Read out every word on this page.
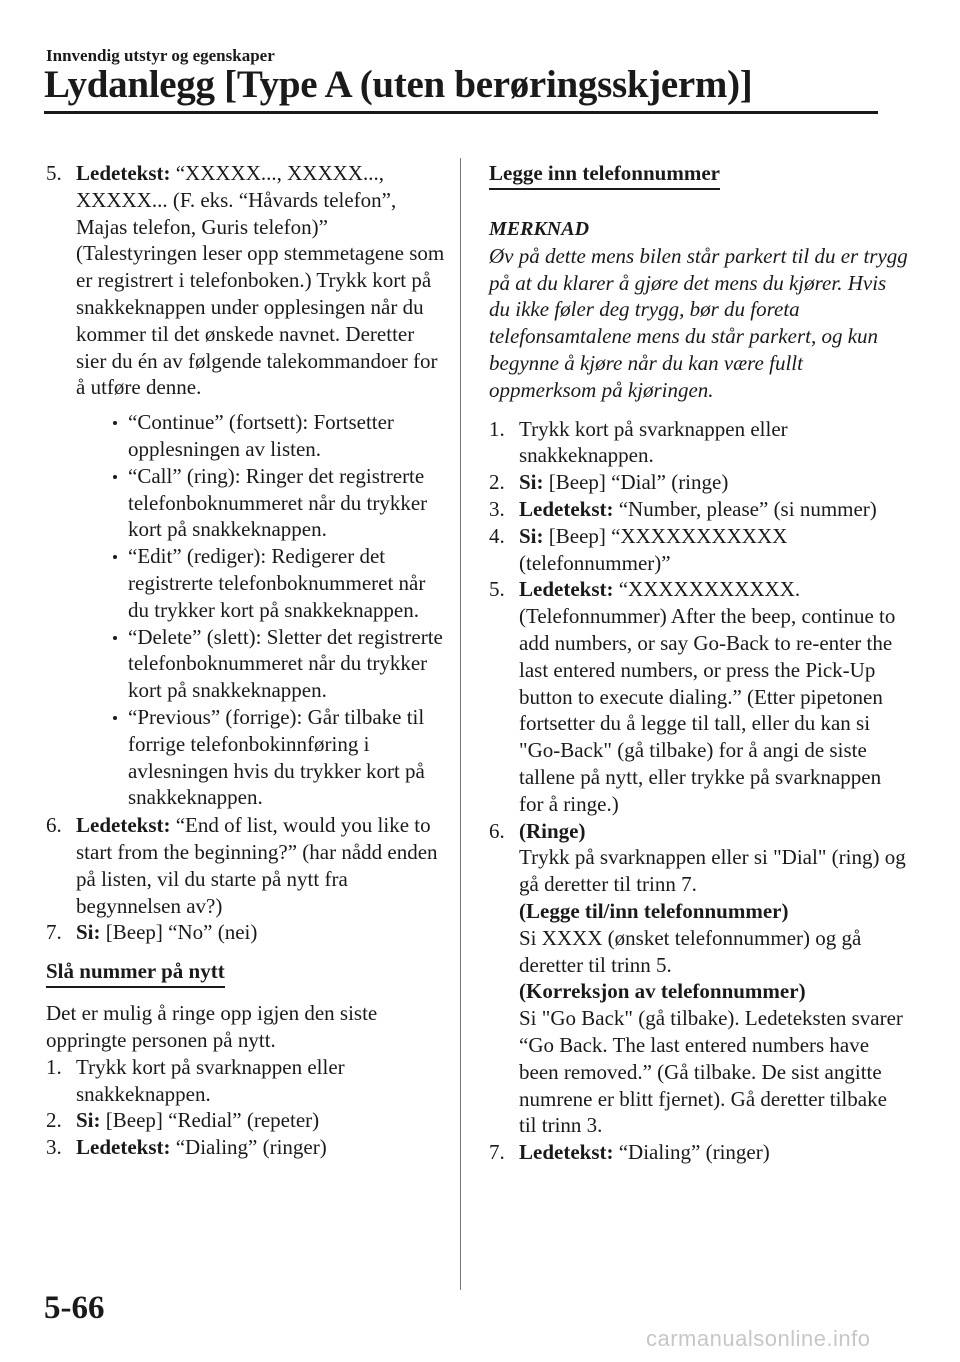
Innvendig utstyr og egenskaper
Lydanlegg [Type A (uten berøringsskjerm)]
5. Ledetekst: “XXXXX..., XXXXX..., XXXXX... (F. eks. “Håvards telefon”, Majas telefon, Guris telefon)” (Talestyringen leser opp stemmetagene som er registrert i telefonboken.) Trykk kort på snakkeknappen under opplesingen når du kommer til det ønskede navnet. Deretter sier du én av følgende talekommandoer for å utføre denne.
“Continue” (fortsett): Fortsetter opplesningen av listen.
“Call” (ring): Ringer det registrerte telefonboknummeret når du trykker kort på snakkeknappen.
“Edit” (rediger): Redigerer det registrerte telefonboknummeret når du trykker kort på snakkeknappen.
“Delete” (slett): Sletter det registrerte telefonboknummeret når du trykker kort på snakkeknappen.
“Previous” (forrige): Går tilbake til forrige telefonbokinnføring i avlesningen hvis du trykker kort på snakkeknappen.
6. Ledetekst: “End of list, would you like to start from the beginning?” (har nådd enden på listen, vil du starte på nytt fra begynnelsen av?)
7. Si: [Beep] “No” (nei)
Slå nummer på nytt
Det er mulig å ringe opp igjen den siste oppringte personen på nytt.
1. Trykk kort på svarknappen eller snakkeknappen.
2. Si: [Beep] “Redial” (repeter)
3. Ledetekst: “Dialing” (ringer)
Legge inn telefonnummer
MERKNAD
Øv på dette mens bilen står parkert til du er trygg på at du klarer å gjøre det mens du kjører. Hvis du ikke føler deg trygg, bør du foreta telefonsamtalene mens du står parkert, og kun begynne å kjøre når du kan være fullt oppmerksom på kjøringen.
1. Trykk kort på svarknappen eller snakkeknappen.
2. Si: [Beep] “Dial” (ringe)
3. Ledetekst: “Number, please” (si nummer)
4. Si: [Beep] “XXXXXXXXXXX (telefonnummer)”
5. Ledetekst: “XXXXXXXXXXX. (Telefonnummer) After the beep, continue to add numbers, or say Go-Back to re-enter the last entered numbers, or press the Pick-Up button to execute dialing.” (Etter pipetonen fortsetter du å legge til tall, eller du kan si "Go-Back" (gå tilbake) for å angi de siste tallene på nytt, eller trykke på svarknappen for å ringe.)
6. (Ringe)
Trykk på svarknappen eller si "Dial" (ring) og gå deretter til trinn 7.
(Legge til/inn telefonnummer)
Si XXXX (ønsket telefonnummer) og gå deretter til trinn 5.
(Korreksjon av telefonnummer)
Si "Go Back" (gå tilbake). Ledeteksten svarer “Go Back. The last entered numbers have been removed.” (Gå tilbake. De sist angitte numrene er blitt fjernet). Gå deretter tilbake til trinn 3.
7. Ledetekst: “Dialing” (ringer)
5-66
carmanualsonline.info
